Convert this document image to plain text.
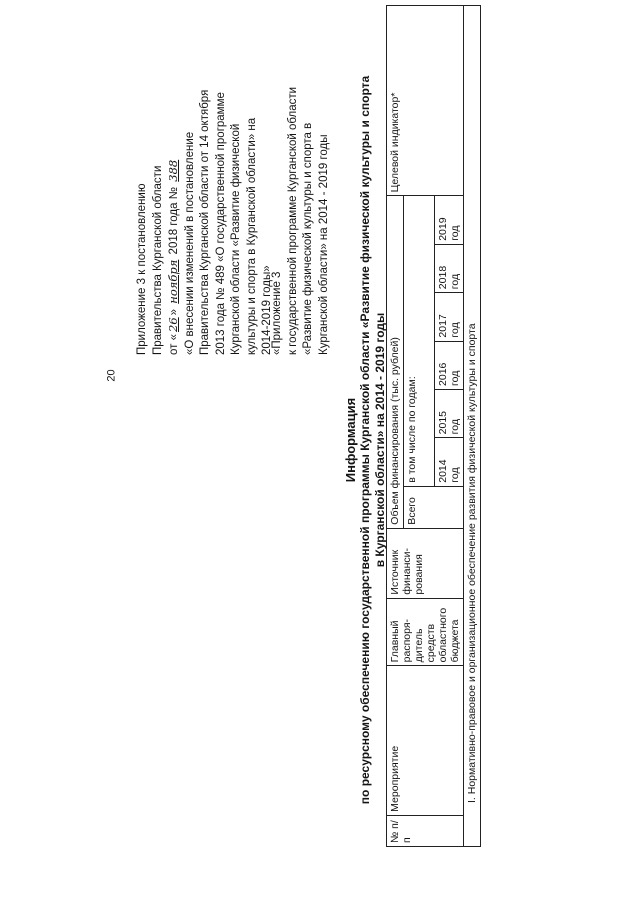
20
Приложение 3 к постановлению Правительства Курганской области от «26» ноября 2018 года № 388 «О внесении изменений в постановление Правительства Курганской области от 14 октября 2013 года № 489 «О государственной программе Курганской области «Развитие физической культуры и спорта в Курганской области» на 2014-2019 годы»
«Приложение 3 к государственной программе Курганской области «Развитие физической культуры и спорта в Курганской области» на 2014 - 2019 годы
Информация по ресурсному обеспечению государственной программы Курганской области «Развитие физической культуры и спорта в Курганской области» на 2014 - 2019 годы
№ п/п	Мероприятие	Главный распоря-дитель средств областного бюджета	Источник финанси-рования	Объем финансирования (тыс. рублей)							Целевой индикатор*
				Всего	в том числе по годам:						
					2014 год	2015 год	2016 год	2017 год	2018 год	2019 год	
I. Нормативно-правовое и организационное обеспечение развития физической культуры и спорта											
